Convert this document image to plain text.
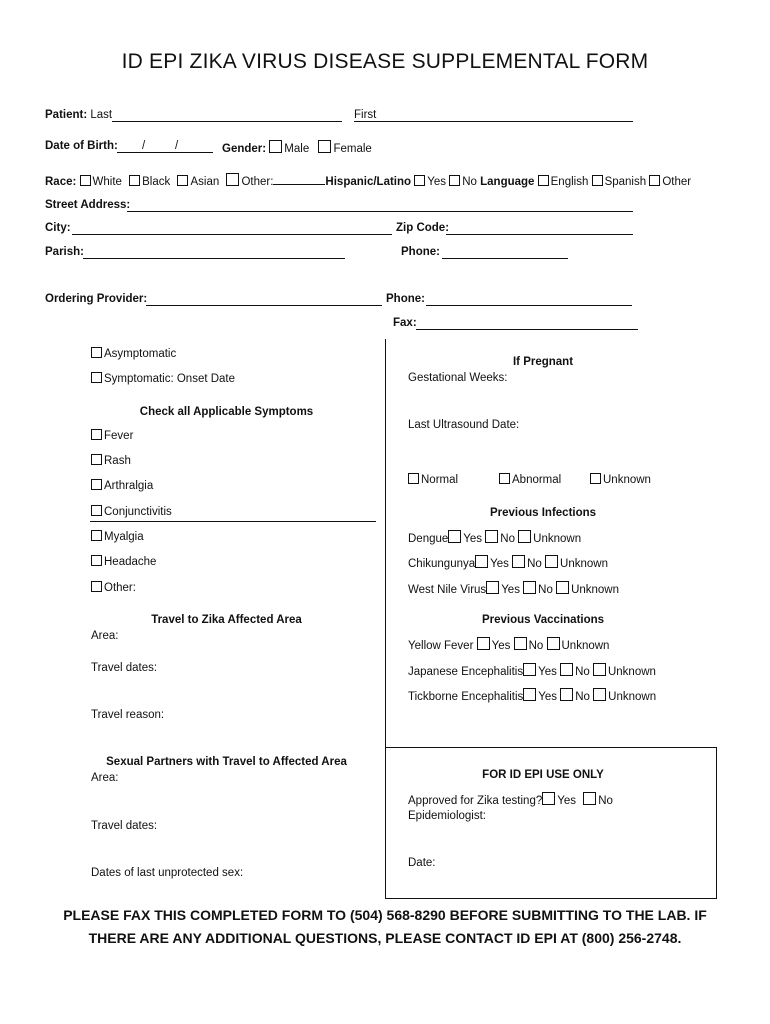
ID EPI ZIKA VIRUS DISEASE SUPPLEMENTAL FORM
Patient: Last	First
Date of Birth: /	/	Gender: Male Female
Race: White Black Asian Other:	Hispanic/Latino Yes No Language English Spanish Other
Street Address:
City:	Zip Code:
Parish:	Phone:
Ordering Provider:	Phone:
Fax:
Asymptomatic
Symptomatic: Onset Date
Check all Applicable Symptoms
Fever
Rash
Arthralgia
Conjunctivitis
Myalgia
Headache
Other:
Travel to Zika Affected Area
Area:
Travel dates:
Travel reason:
Sexual Partners with Travel to Affected Area
Area:
Travel dates:
Dates of last unprotected sex:
If Pregnant
Gestational Weeks:
Last Ultrasound Date:
Normal	Abnormal	Unknown
Previous Infections
Dengue Yes No Unknown
Chikungunya Yes No Unknown
West Nile Virus Yes No Unknown
Previous Vaccinations
Yellow Fever Yes No Unknown
Japanese Encephalitis Yes No Unknown
Tickborne Encephalitis Yes No Unknown
FOR ID EPI USE ONLY
Approved for Zika testing? Yes No
Epidemiologist:
Date:
PLEASE FAX THIS COMPLETED FORM TO (504) 568-8290 BEFORE SUBMITTING TO THE LAB. IF
THERE ARE ANY ADDITIONAL QUESTIONS, PLEASE CONTACT ID EPI AT (800) 256-2748.
